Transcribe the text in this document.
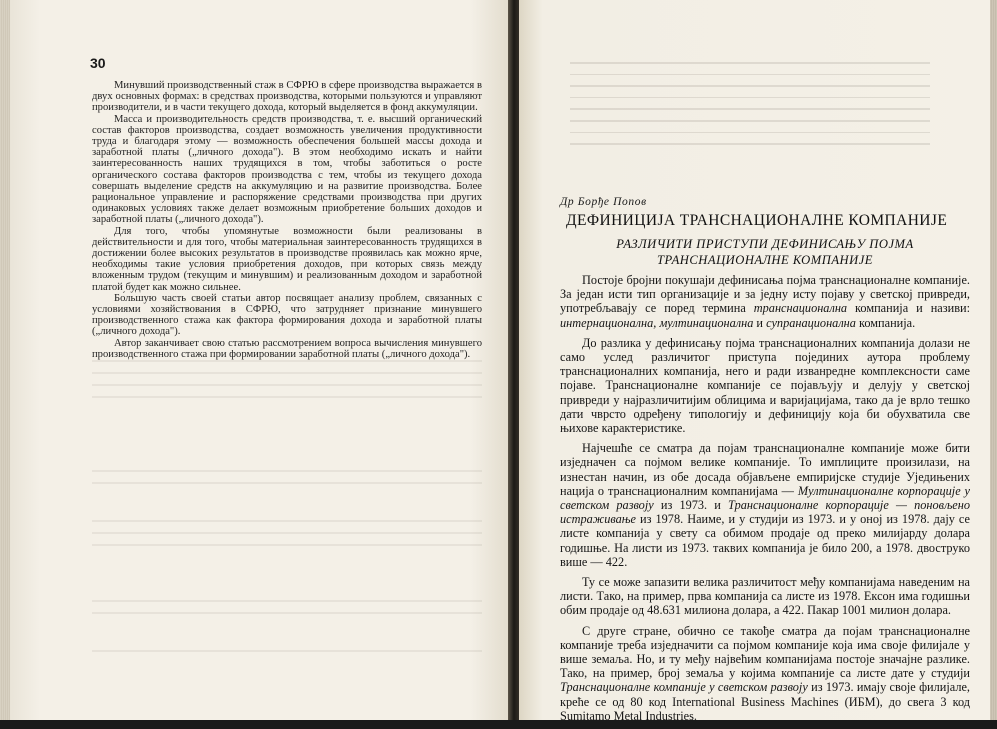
30

Минувший производственный стаж в СФРЮ в сфере производства выражается в двух основных формах: в средствах производства, которыми пользуются и управляют производители, и в части текущего дохода, который выделяется в фонд аккумуляции.

Масса и производительность средств производства, т. е. высший органический состав факторов производства, создает возможность увеличения продуктивности труда и благодаря этому — возможность обеспечения большей массы дохода и заработной платы („личного дохода"). В этом необходимо искать и найти заинтересованность наших трудящихся в том, чтобы заботиться о росте органического состава факторов производства с тем, чтобы из текущего дохода совершать выделение средств на аккумуляцию и на развитие производства. Более рациональное управление и распоряжение средствами производства при других одинаковых условиях также делает возможным приобретение бо́льших доходов и заработной платы („личного дохода").

Для того, чтобы упомянутые возможности были реализованы в действительности и для того, чтобы материальная заинтересованность трудящихся в достижении более высоких результатов в производстве проявилась как можно ярче, необходимы такие условия приобретения доходов, при которых связь между вложенным трудом (текущим и минувшим) и реализованным доходом и заработной платой будет как можно сильнее.

Бо́льшую часть своей статьи автор посвящает анализу проблем, связанных с условиями хозяйствования в СФРЮ, что затрудняет признание минувшего производственного стажа как фактора формирования дохода и заработной платы („личного дохода").

Автор заканчивает свою статью рассмотрением вопроса вычисления минувшего производственного стажа при формировании заработной платы („личного дохода").

Др Борђе Попов
ДЕФИНИЦИЈА ТРАНСНАЦИОНАЛНЕ КОМПАНИЈЕ
РАЗЛИЧИТИ ПРИСТУПИ ДЕФИНИСАЊУ ПОЈМА
ТРАНСНАЦИОНАЛНЕ КОМПАНИЈЕ

Постоје бројни покушаји дефинисања појма транснационалне компаније. За један исти тип организације и за једну исту појаву у светској привреди, употребљавају се поред термина транснационална компанија и називи: интернационална, мултинационална и супранационална компанија.

До разлика у дефинисању појма транснационалних компанија долази не само услед различитог приступа појединих аутора проблему транснационалних компанија, него и ради изванредне комплексности саме појаве. Транснационалне компаније се појављују и делују у светској привреди у најразличитијим облицима и варијацијама, тако да је врло тешко дати чврсто одређену типологију и дефиницију која би обухватила све њихове карактеристике.

Најчешће се сматра да појам транснационалне компаније може бити изједначен са појмом велике компаније. То имплиците произилази, на изнестан начин, из обе досада објављене емпиријске студије Уједињених нација о транснационалним компанијама — Мултинационалне корпорације у светском развоју из 1973. и Транснационалне корпорације — поновљено истраживање из 1978. Наиме, и у студији из 1973. и у оној из 1978. дају се листе компанија у свету са обимом продаје од преко милијарду долара годишње. На листи из 1973. таквих компанија је било 200, а 1978. двоструко више — 422.

Ту се може запазити велика различитост међу компанијама наведеним на листи. Тако, на пример, прва компанија са листе из 1978. Ексон има годишњи обим продаје од 48.631 милиона долара, а 422. Пакар 1001 милион долара.

С друге стране, обично се такође сматра да појам транснационалне компаније треба изједначити са појмом компаније која има своје филијале у више земаља. Но, и ту међу највећим компанијама постоје значајне разлике. Тако, на пример, број земаља у којима компаније са листе дате у студији Транснационалне компаније у светском развоју из 1973. имају своје филијале, креће се од 80 код International Business Machines (ИБМ), до свега 3 код Sumitamo Metal Industries.
